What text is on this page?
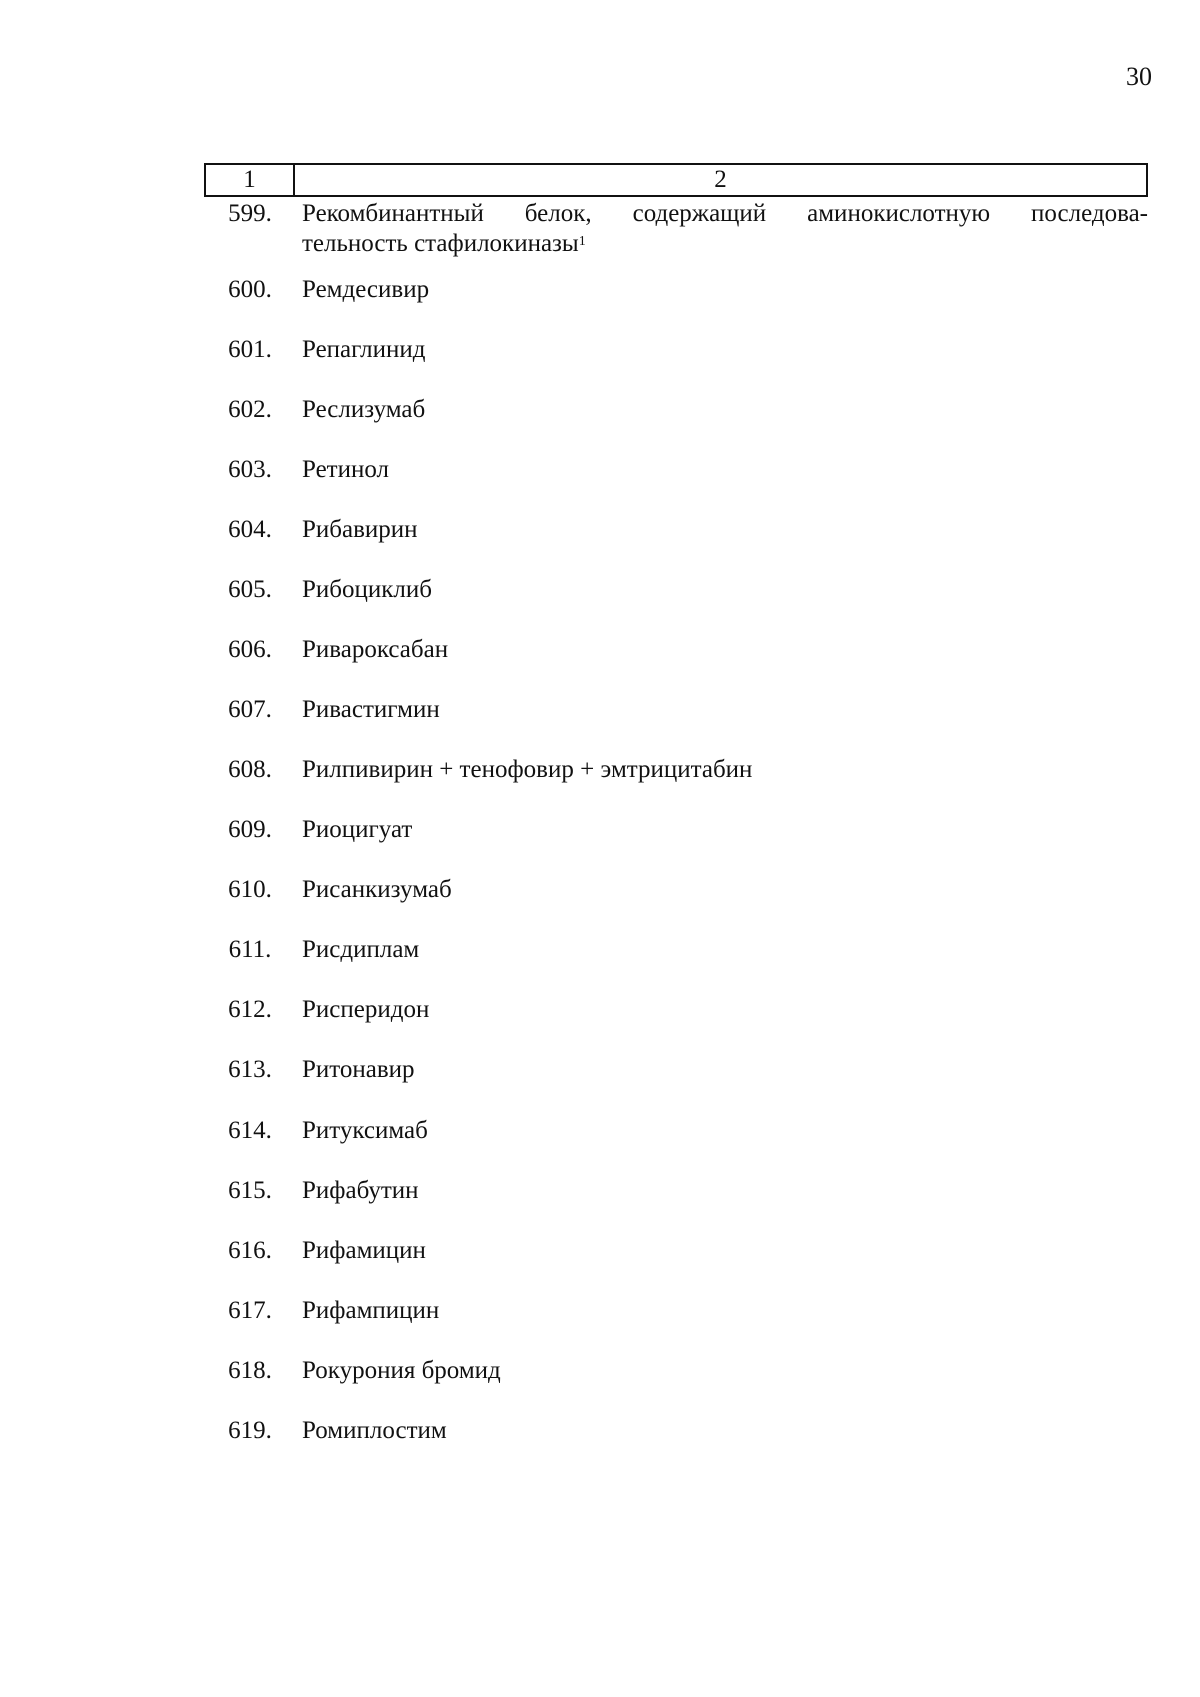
30
1	2
599.	Рекомбинантный белок, содержащий аминокислотную последова-
тельность стафилокиназы$^1$
600.	Ремдесивир
601.	Репаглинид
602.	Реслизумаб
603.	Ретинол
604.	Рибавирин
605.	Рибоциклиб
606.	Ривароксабан
607.	Ривастигмин
608.	Рилпивирин + тенофовир + эмтрицитабин
609.	Риоцигуат
610.	Рисанкизумаб
611.	Рисдиплам
612.	Рисперидон
613.	Ритонавир
614.	Ритуксимаб
615.	Рифабутин
616.	Рифамицин
617.	Рифампицин
618.	Рокурония бромид
619.	Ромиплостим
